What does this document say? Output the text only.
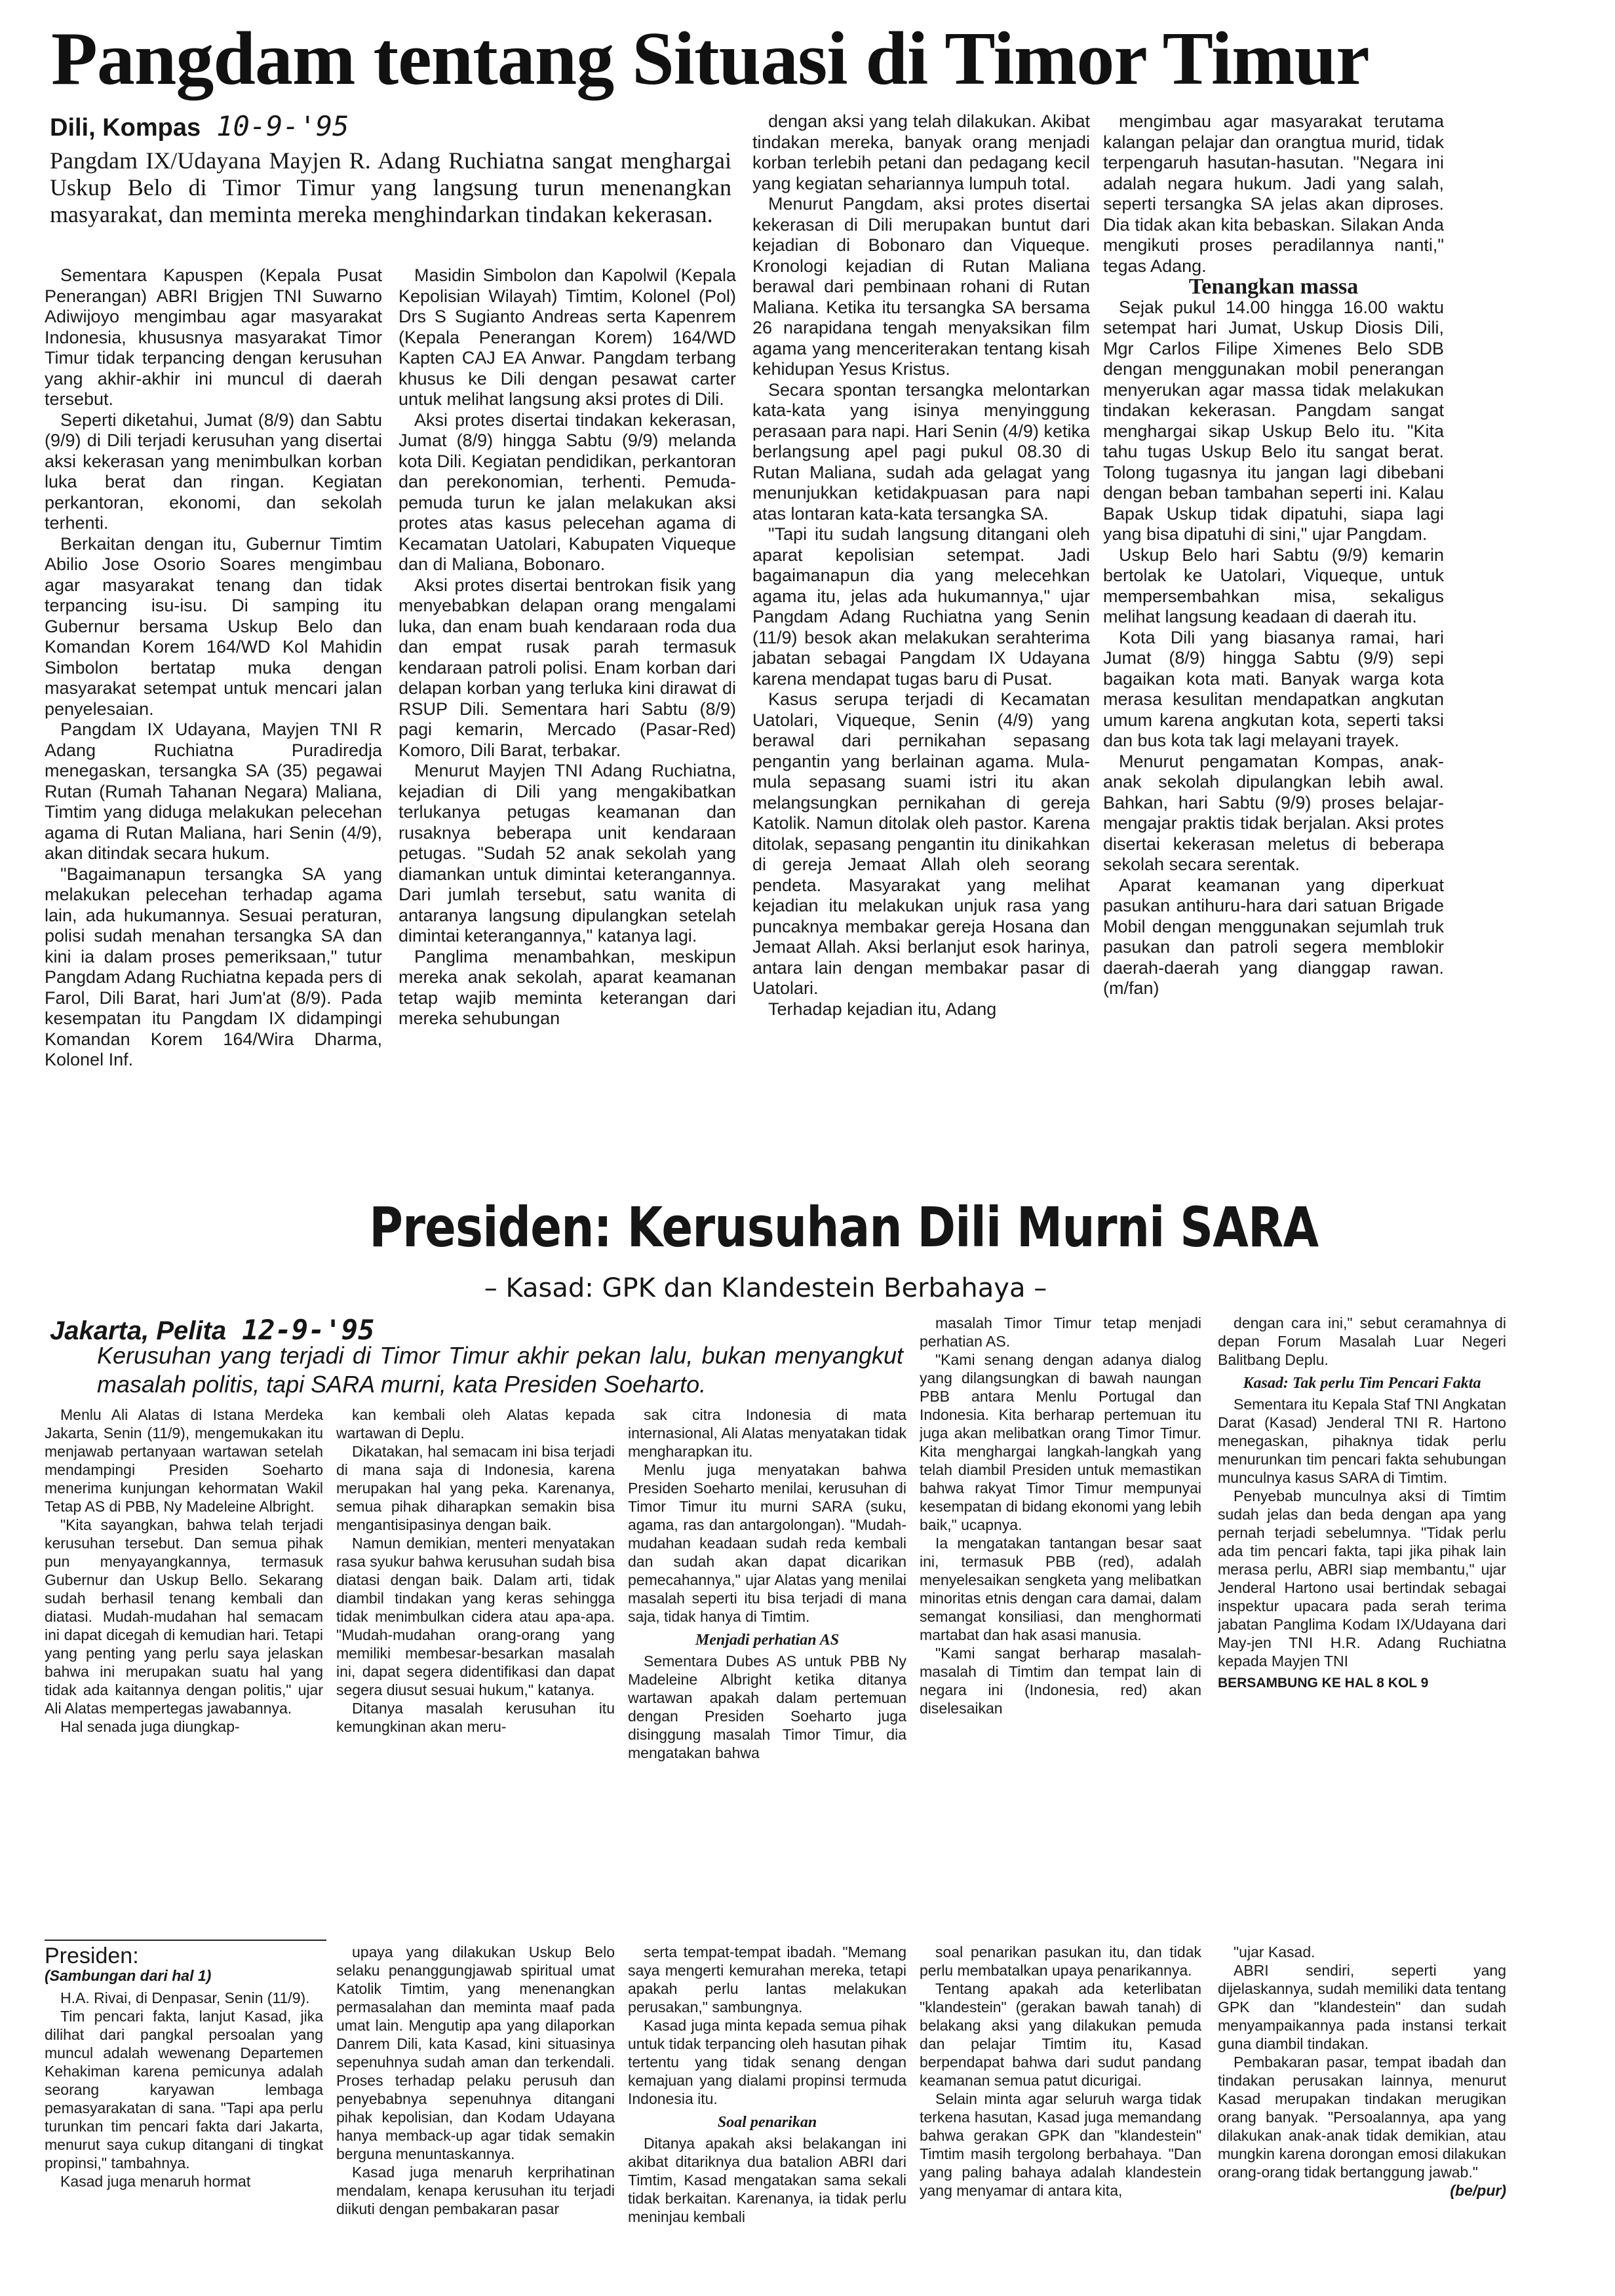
Pangdam tentang Situasi di Timor Timur
Dili, Kompas 10-9-'95
Pangdam IX/Udayana Mayjen R. Adang Ruchiatna sangat menghargai Uskup Belo di Timor Timur yang langsung turun menenangkan masyarakat, dan meminta mereka menghindarkan tindakan kekerasan.

Sementara Kapuspen (Kepala Pusat Penerangan) ABRI Brigjen TNI Suwarno Adiwijoyo mengimbau agar masyarakat Indonesia, khususnya masyarakat Timor Timur tidak terpancing dengan kerusuhan yang akhir-akhir ini muncul di daerah tersebut.

Seperti diketahui, Jumat (8/9) dan Sabtu (9/9) di Dili terjadi kerusuhan yang disertai aksi kekerasan yang menimbulkan korban luka berat dan ringan. Kegiatan perkantoran, ekonomi, dan sekolah terhenti.

Berkaitan dengan itu, Gubernur Timtim Abilio Jose Osorio Soares mengimbau agar masyarakat tenang dan tidak terpancing isu-isu. Di samping itu Gubernur bersama Uskup Belo dan Komandan Korem 164/WD Kol Mahidin Simbolon bertatap muka dengan masyarakat setempat untuk mencari jalan penyelesaian.

Pangdam IX Udayana, Mayjen TNI R Adang Ruchiatna Puradiredja menegaskan, tersangka SA (35) pegawai Rutan (Rumah Tahanan Negara) Maliana, Timtim yang diduga melakukan pelecehan agama di Rutan Maliana, hari Senin (4/9), akan ditindak secara hukum.

"Bagaimanapun tersangka SA yang melakukan pelecehan terhadap agama lain, ada hukumannya. Sesuai peraturan, polisi sudah menahan tersangka SA dan kini ia dalam proses pemeriksaan," tutur Pangdam Adang Ruchiatna kepada pers di Farol, Dili Barat, hari Jum'at (8/9). Pada kesempatan itu Pangdam IX didampingi Komandan Korem 164/Wira Dharma, Kolonel Inf.

Masidin Simbolon dan Kapolwil (Kepala Kepolisian Wilayah) Timtim, Kolonel (Pol) Drs S Sugianto Andreas serta Kapenrem (Kepala Penerangan Korem) 164/WD Kapten CAJ EA Anwar. Pangdam terbang khusus ke Dili dengan pesawat carter untuk melihat langsung aksi protes di Dili.

Aksi protes disertai tindakan kekerasan, Jumat (8/9) hingga Sabtu (9/9) melanda kota Dili. Kegiatan pendidikan, perkantoran dan perekonomian, terhenti. Pemuda-pemuda turun ke jalan melakukan aksi protes atas kasus pelecehan agama di Kecamatan Uatolari, Kabupaten Viqueque dan di Maliana, Bobonaro.

Aksi protes disertai bentrokan fisik yang menyebabkan delapan orang mengalami luka, dan enam buah kendaraan roda dua dan empat rusak parah termasuk kendaraan patroli polisi. Enam korban dari delapan korban yang terluka kini dirawat di RSUP Dili. Sementara hari Sabtu (8/9) pagi kemarin, Mercado (Pasar-Red) Komoro, Dili Barat, terbakar.

Menurut Mayjen TNI Adang Ruchiatna, kejadian di Dili yang mengakibatkan terlukanya petugas keamanan dan rusaknya beberapa unit kendaraan petugas. "Sudah 52 anak sekolah yang diamankan untuk dimintai keterangannya. Dari jumlah tersebut, satu wanita di antaranya langsung dipulangkan setelah dimintai keterangannya," katanya lagi.

Panglima menambahkan, meskipun mereka anak sekolah, aparat keamanan tetap wajib meminta keterangan dari mereka sehubungan

dengan aksi yang telah dilakukan. Akibat tindakan mereka, banyak orang menjadi korban terlebih petani dan pedagang kecil yang kegiatan sehariannya lumpuh total.

Menurut Pangdam, aksi protes disertai kekerasan di Dili merupakan buntut dari kejadian di Bobonaro dan Viqueque. Kronologi kejadian di Rutan Maliana berawal dari pembinaan rohani di Rutan Maliana. Ketika itu tersangka SA bersama 26 narapidana tengah menyaksikan film agama yang menceriterakan tentang kisah kehidupan Yesus Kristus.

Secara spontan tersangka melontarkan kata-kata yang isinya menyinggung perasaan para napi. Hari Senin (4/9) ketika berlangsung apel pagi pukul 08.30 di Rutan Maliana, sudah ada gelagat yang menunjukkan ketidakpuasan para napi atas lontaran kata-kata tersangka SA.

"Tapi itu sudah langsung ditangani oleh aparat kepolisian setempat. Jadi bagaimanapun dia yang melecehkan agama itu, jelas ada hukumannya," ujar Pangdam Adang Ruchiatna yang Senin (11/9) besok akan melakukan serahterima jabatan sebagai Pangdam IX Udayana karena mendapat tugas baru di Pusat.

Kasus serupa terjadi di Kecamatan Uatolari, Viqueque, Senin (4/9) yang berawal dari pernikahan sepasang pengantin yang berlainan agama. Mula-mula sepasang suami istri itu akan melangsungkan pernikahan di gereja Katolik. Namun ditolak oleh pastor. Karena ditolak, sepasang pengantin itu dinikahkan di gereja Jemaat Allah oleh seorang pendeta. Masyarakat yang melihat kejadian itu melakukan unjuk rasa yang puncaknya membakar gereja Hosana dan Jemaat Allah. Aksi berlanjut esok harinya, antara lain dengan membakar pasar di Uatolari.

Terhadap kejadian itu, Adang

mengimbau agar masyarakat terutama kalangan pelajar dan orangtua murid, tidak terpengaruh hasutan-hasutan. "Negara ini adalah negara hukum. Jadi yang salah, seperti tersangka SA jelas akan diproses. Dia tidak akan kita bebaskan. Silakan Anda mengikuti proses peradilannya nanti," tegas Adang.

Tenangkan massa

Sejak pukul 14.00 hingga 16.00 waktu setempat hari Jumat, Uskup Diosis Dili, Mgr Carlos Filipe Ximenes Belo SDB dengan menggunakan mobil penerangan menyerukan agar massa tidak melakukan tindakan kekerasan. Pangdam sangat menghargai sikap Uskup Belo itu. "Kita tahu tugas Uskup Belo itu sangat berat. Tolong tugasnya itu jangan lagi dibebani dengan beban tambahan seperti ini. Kalau Bapak Uskup tidak dipatuhi, siapa lagi yang bisa dipatuhi di sini," ujar Pangdam.

Uskup Belo hari Sabtu (9/9) kemarin bertolak ke Uatolari, Viqueque, untuk mempersembahkan misa, sekaligus melihat langsung keadaan di daerah itu.

Kota Dili yang biasanya ramai, hari Jumat (8/9) hingga Sabtu (9/9) sepi bagaikan kota mati. Banyak warga kota merasa kesulitan mendapatkan angkutan umum karena angkutan kota, seperti taksi dan bus kota tak lagi melayani trayek.

Menurut pengamatan Kompas, anak-anak sekolah dipulangkan lebih awal. Bahkan, hari Sabtu (9/9) proses belajar-mengajar praktis tidak berjalan. Aksi protes disertai kekerasan meletus di beberapa sekolah secara serentak.

Aparat keamanan yang diperkuat pasukan antihuru-hara dari satuan Brigade Mobil dengan menggunakan sejumlah truk pasukan dan patroli segera memblokir daerah-daerah yang dianggap rawan. (m/fan)

Presiden: Kerusuhan Dili Murni SARA
– Kasad: GPK dan Klandestein Berbahaya –
Jakarta, Pelita 12-9-'95
Kerusuhan yang terjadi di Timor Timur akhir pekan lalu, bukan menyangkut masalah politis, tapi SARA murni, kata Presiden Soeharto.

Menlu Ali Alatas di Istana Merdeka Jakarta, Senin (11/9), mengemukakan itu menjawab pertanyaan wartawan setelah mendampingi Presiden Soeharto menerima kunjungan kehormatan Wakil Tetap AS di PBB, Ny Madeleine Albright.

"Kita sayangkan, bahwa telah terjadi kerusuhan tersebut. Dan semua pihak pun menyayangkannya, termasuk Gubernur dan Uskup Bello. Sekarang sudah berhasil tenang kembali dan diatasi. Mudah-mudahan hal semacam ini dapat dicegah di kemudian hari. Tetapi yang penting yang perlu saya jelaskan bahwa ini merupakan suatu hal yang tidak ada kaitannya dengan politis," ujar Ali Alatas mempertegas jawabannya.

Hal senada juga diungkap-

kan kembali oleh Alatas kepada wartawan di Deplu.

Dikatakan, hal semacam ini bisa terjadi di mana saja di Indonesia, karena merupakan hal yang peka. Karenanya, semua pihak diharapkan semakin bisa mengantisipasinya dengan baik.

Namun demikian, menteri menyatakan rasa syukur bahwa kerusuhan sudah bisa diatasi dengan baik. Dalam arti, tidak diambil tindakan yang keras sehingga tidak menimbulkan cidera atau apa-apa. "Mudah-mudahan orang-orang yang memiliki membesar-besarkan masalah ini, dapat segera didentifikasi dan dapat segera diusut sesuai hukum," katanya.

Ditanya masalah kerusuhan itu kemungkinan akan meru-

sak citra Indonesia di mata internasional, Ali Alatas menyatakan tidak mengharapkan itu.

Menlu juga menyatakan bahwa Presiden Soeharto menilai, kerusuhan di Timor Timur itu murni SARA (suku, agama, ras dan antargolongan). "Mudah-mudahan keadaan sudah reda kembali dan sudah akan dapat dicarikan pemecahannya," ujar Alatas yang menilai masalah seperti itu bisa terjadi di mana saja, tidak hanya di Timtim.

Menjadi perhatian AS

Sementara Dubes AS untuk PBB Ny Madeleine Albright ketika ditanya wartawan apakah dalam pertemuan dengan Presiden Soeharto juga disinggung masalah Timor Timur, dia mengatakan bahwa

masalah Timor Timur tetap menjadi perhatian AS.

"Kami senang dengan adanya dialog yang dilangsungkan di bawah naungan PBB antara Menlu Portugal dan Indonesia. Kita berharap pertemuan itu juga akan melibatkan orang Timor Timur. Kita menghargai langkah-langkah yang telah diambil Presiden untuk memastikan bahwa rakyat Timor Timur mempunyai kesempatan di bidang ekonomi yang lebih baik," ucapnya.

Ia mengatakan tantangan besar saat ini, termasuk PBB (red), adalah menyelesaikan sengketa yang melibatkan minoritas etnis dengan cara damai, dalam semangat konsiliasi, dan menghormati martabat dan hak asasi manusia.

"Kami sangat berharap masalah-masalah di Timtim dan tempat lain di negara ini (Indonesia, red) akan diselesaikan

dengan cara ini," sebut ceramahnya di depan Forum Masalah Luar Negeri Balitbang Deplu.

Kasad: Tak perlu Tim Pencari Fakta

Sementara itu Kepala Staf TNI Angkatan Darat (Kasad) Jenderal TNI R. Hartono menegaskan, pihaknya tidak perlu menurunkan tim pencari fakta sehubungan munculnya kasus SARA di Timtim.

Penyebab munculnya aksi di Timtim sudah jelas dan beda dengan apa yang pernah terjadi sebelumnya. "Tidak perlu ada tim pencari fakta, tapi jika pihak lain merasa perlu, ABRI siap membantu," ujar Jenderal Hartono usai bertindak sebagai inspektur upacara pada serah terima jabatan Panglima Kodam IX/Udayana dari May-jen TNI H.R. Adang Ruchiatna kepada Mayjen TNI

BERSAMBUNG KE HAL 8 KOL 9

Presiden:

(Sambungan dari hal 1)

H.A. Rivai, di Denpasar, Senin (11/9).

Tim pencari fakta, lanjut Kasad, jika dilihat dari pangkal persoalan yang muncul adalah wewenang Departemen Kehakiman karena pemicunya adalah seorang karyawan lembaga pemasyarakatan di sana. "Tapi apa perlu turunkan tim pencari fakta dari Jakarta, menurut saya cukup ditangani di tingkat propinsi," tambahnya.

Kasad juga menaruh hormat

upaya yang dilakukan Uskup Belo selaku penanggungjawab spiritual umat Katolik Timtim, yang menenangkan permasalahan dan meminta maaf pada umat lain. Mengutip apa yang dilaporkan Danrem Dili, kata Kasad, kini situasinya sepenuhnya sudah aman dan terkendali. Proses terhadap pelaku perusuh dan penyebabnya sepenuhnya ditangani pihak kepolisian, dan Kodam Udayana hanya memback-up agar tidak semakin berguna menuntaskannya.

Kasad juga menaruh kerprihatinan mendalam, kenapa kerusuhan itu terjadi diikuti dengan pembakaran pasar

serta tempat-tempat ibadah. "Memang saya mengerti kemurahan mereka, tetapi apakah perlu lantas melakukan perusakan," sambungnya.

Kasad juga minta kepada semua pihak untuk tidak terpancing oleh hasutan pihak tertentu yang tidak senang dengan kemajuan yang dialami propinsi termuda Indonesia itu.

Soal penarikan

Ditanya apakah aksi belakangan ini akibat ditariknya dua batalion ABRI dari Timtim, Kasad mengatakan sama sekali tidak berkaitan. Karenanya, ia tidak perlu meninjau kembali

soal penarikan pasukan itu, dan tidak perlu membatalkan upaya penarikannya.

Tentang apakah ada keterlibatan "klandestein" (gerakan bawah tanah) di belakang aksi yang dilakukan pemuda dan pelajar Timtim itu, Kasad berpendapat bahwa dari sudut pandang keamanan semua patut dicurigai.

Selain minta agar seluruh warga tidak terkena hasutan, Kasad juga memandang bahwa gerakan GPK dan "klandestein" Timtim masih tergolong berbahaya. "Dan yang paling bahaya adalah klandestein yang menyamar di antara kita,

"ujar Kasad.

ABRI sendiri, seperti yang dijelaskannya, sudah memiliki data tentang GPK dan "klandestein" dan sudah menyampaikannya pada instansi terkait guna diambil tindakan.

Pembakaran pasar, tempat ibadah dan tindakan perusakan lainnya, menurut Kasad merupakan tindakan merugikan orang banyak. "Persoalannya, apa yang dilakukan anak-anak tidak demikian, atau mungkin karena dorongan emosi dilakukan orang-orang tidak bertanggung jawab."

(be/pur)
